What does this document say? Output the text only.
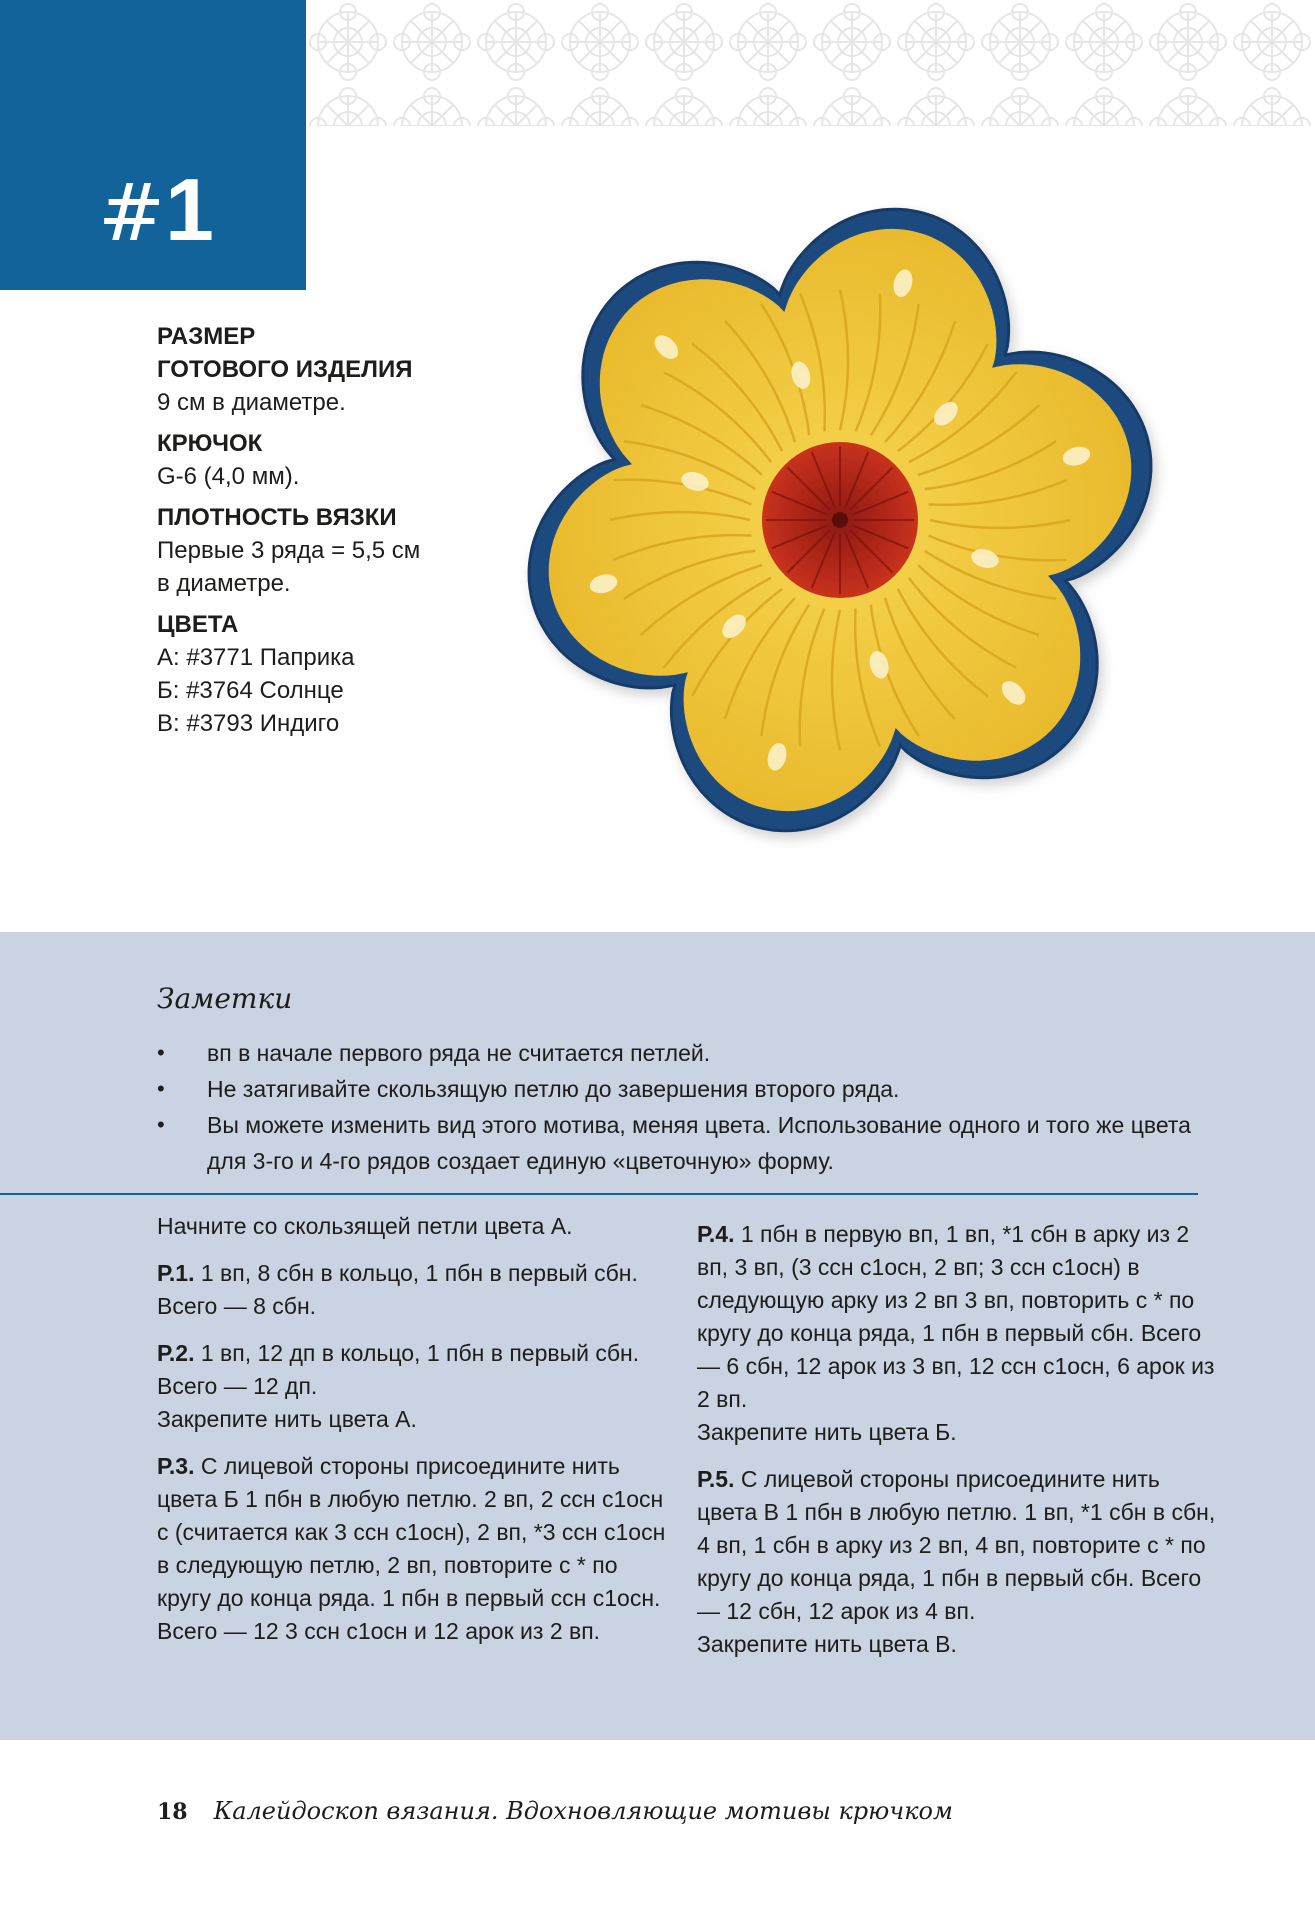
#1
РАЗМЕР
ГОТОВОГО ИЗДЕЛИЯ
9 см в диаметре.
КРЮЧОК
G-6 (4,0 мм).
ПЛОТНОСТЬ ВЯЗКИ
Первые 3 ряда = 5,5 см
в диаметре.
ЦВЕТА
А: #3771 Паприка
Б: #3764 Солнце
В: #3793 Индиго
Заметки
• вп в начале первого ряда не считается петлей.
• Не затягивайте скользящую петлю до завершения второго ряда.
• Вы можете изменить вид этого мотива, меняя цвета. Использование одного и того же цвета для 3-го и 4-го рядов создает единую «цветочную» форму.

Начните со скользящей петли цвета А.

Р.1. 1 вп, 8 сбн в кольцо, 1 пбн в первый сбн. Всего — 8 сбн.

Р.2. 1 вп, 12 дп в кольцо, 1 пбн в первый сбн. Всего — 12 дп.
Закрепите нить цвета А.

Р.3. С лицевой стороны присоедините нить цвета Б 1 пбн в любую петлю. 2 вп, 2 ссн с1осн с (считается как 3 ссн с1осн), 2 вп, *3 ссн с1осн в следующую петлю, 2 вп, повторите с * по кругу до конца ряда. 1 пбн в первый ссн с1осн. Всего — 12 3 ссн с1осн и 12 арок из 2 вп.

Р.4. 1 пбн в первую вп, 1 вп, *1 сбн в арку из 2 вп, 3 вп, (3 ссн с1осн, 2 вп; 3 ссн с1осн) в следующую арку из 2 вп 3 вп, повторить с * по кругу до конца ряда, 1 пбн в первый сбн. Всего — 6 сбн, 12 арок из 3 вп, 12 ссн с1осн, 6 арок из 2 вп.
Закрепите нить цвета Б.

Р.5. С лицевой стороны присоедините нить цвета В 1 пбн в любую петлю. 1 вп, *1 сбн в сбн, 4 вп, 1 сбн в арку из 2 вп, 4 вп, повторите с * по кругу до конца ряда, 1 пбн в первый сбн. Всего — 12 сбн, 12 арок из 4 вп.
Закрепите нить цвета В.

18 Калейдоскоп вязания. Вдохновляющие мотивы крючком
